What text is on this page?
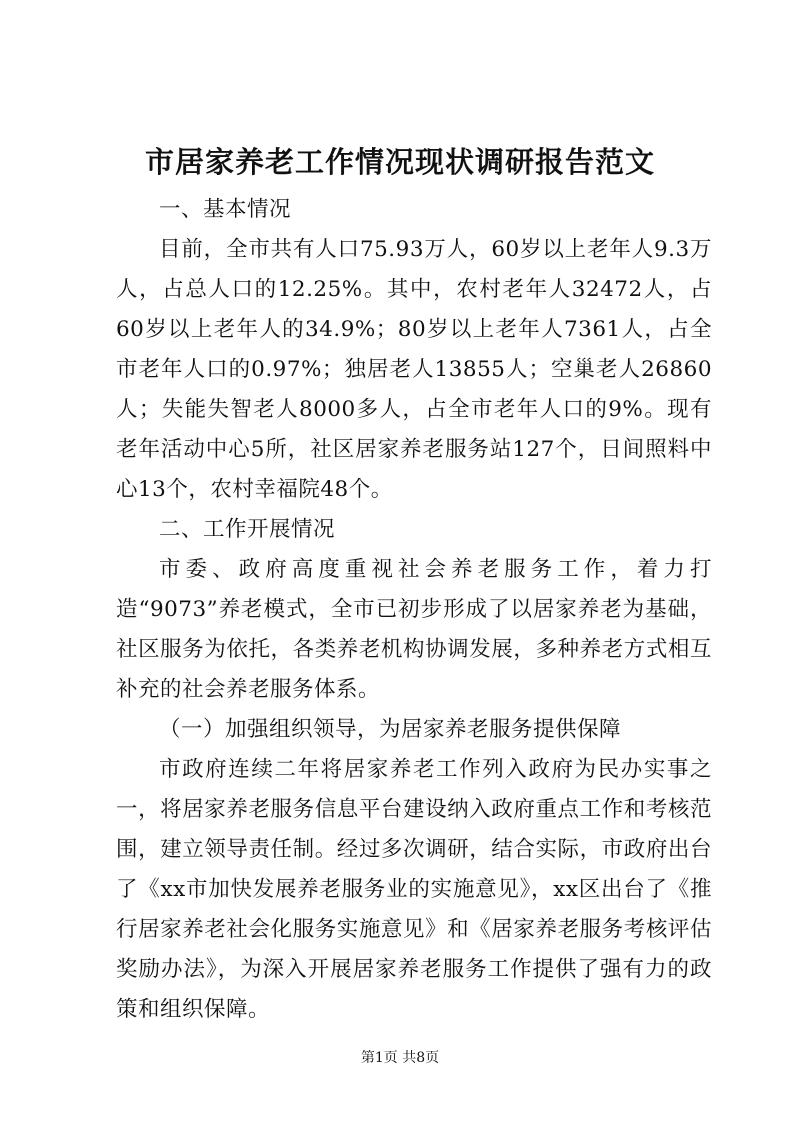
市居家养老工作情况现状调研报告范文

一、基本情况

目前，全市共有人口75.93万人，60岁以上老年人9.3万人，占总人口的12.25%。其中，农村老年人32472人，占60岁以上老年人的34.9%；80岁以上老年人7361人，占全市老年人口的0.97%；独居老人13855人；空巢老人26860人；失能失智老人8000多人，占全市老年人口的9%。现有老年活动中心5所，社区居家养老服务站127个，日间照料中心13个，农村幸福院48个。

二、工作开展情况

市委、政府高度重视社会养老服务工作，着力打造“9073”养老模式，全市已初步形成了以居家养老为基础，社区服务为依托，各类养老机构协调发展，多种养老方式相互补充的社会养老服务体系。

（一）加强组织领导，为居家养老服务提供保障

市政府连续二年将居家养老工作列入政府为民办实事之一，将居家养老服务信息平台建设纳入政府重点工作和考核范围，建立领导责任制。经过多次调研，结合实际，市政府出台了《xx市加快发展养老服务业的实施意见》，xx区出台了《推行居家养老社会化服务实施意见》和《居家养老服务考核评估奖励办法》，为深入开展居家养老服务工作提供了强有力的政策和组织保障。

第1页 共8页
